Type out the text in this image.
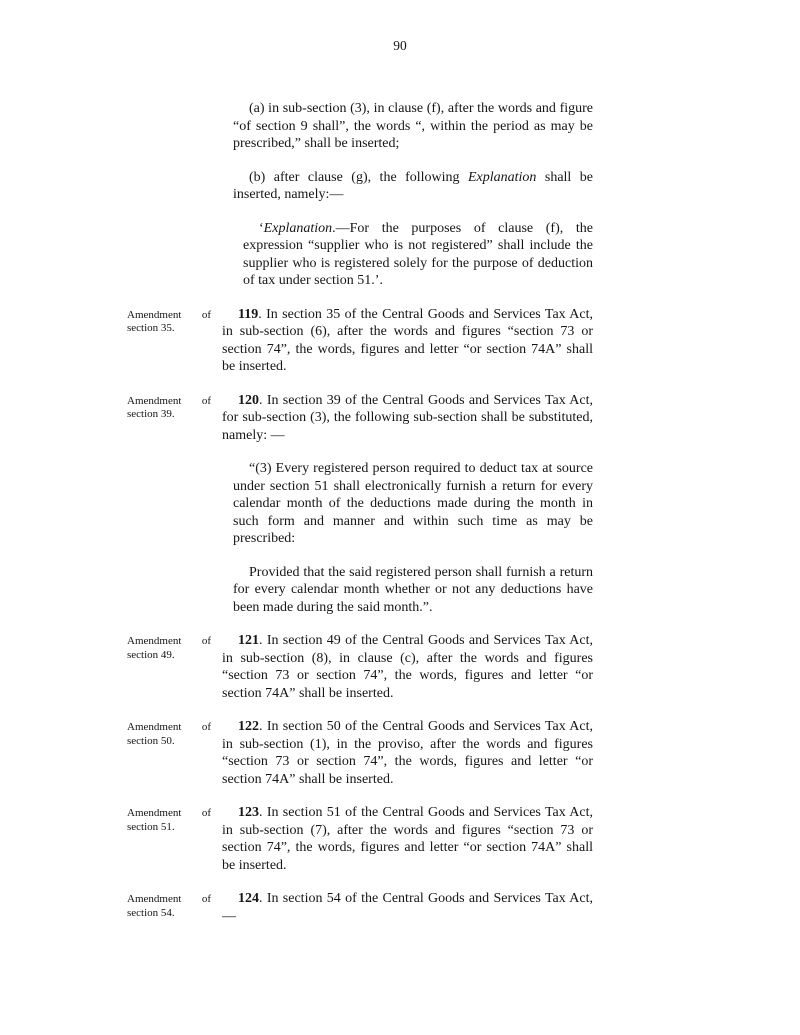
90
(a) in sub-section (3), in clause (f), after the words and figure “of section 9 shall”, the words “, within the period as may be prescribed,” shall be inserted;
(b) after clause (g), the following Explanation shall be inserted, namely:—
‘Explanation.—For the purposes of clause (f), the expression “supplier who is not registered” shall include the supplier who is registered solely for the purpose of deduction of tax under section 51.’.
Amendment of section 35.
119. In section 35 of the Central Goods and Services Tax Act, in sub-section (6), after the words and figures “section 73 or section 74”, the words, figures and letter “or section 74A” shall be inserted.
Amendment of section 39.
120. In section 39 of the Central Goods and Services Tax Act, for sub-section (3), the following sub-section shall be substituted, namely: —
“(3) Every registered person required to deduct tax at source under section 51 shall electronically furnish a return for every calendar month of the deductions made during the month in such form and manner and within such time as may be prescribed:
Provided that the said registered person shall furnish a return for every calendar month whether or not any deductions have been made during the said month.”.
Amendment of section 49.
121. In section 49 of the Central Goods and Services Tax Act, in sub-section (8), in clause (c), after the words and figures “section 73 or section 74”, the words, figures and letter “or section 74A” shall be inserted.
Amendment of section 50.
122. In section 50 of the Central Goods and Services Tax Act, in sub-section (1), in the proviso, after the words and figures “section 73 or section 74”, the words, figures and letter “or section 74A” shall be inserted.
Amendment of section 51.
123. In section 51 of the Central Goods and Services Tax Act, in sub-section (7), after the words and figures “section 73 or section 74”, the words, figures and letter “or section 74A” shall be inserted.
Amendment of section 54.
124. In section 54 of the Central Goods and Services Tax Act,—
